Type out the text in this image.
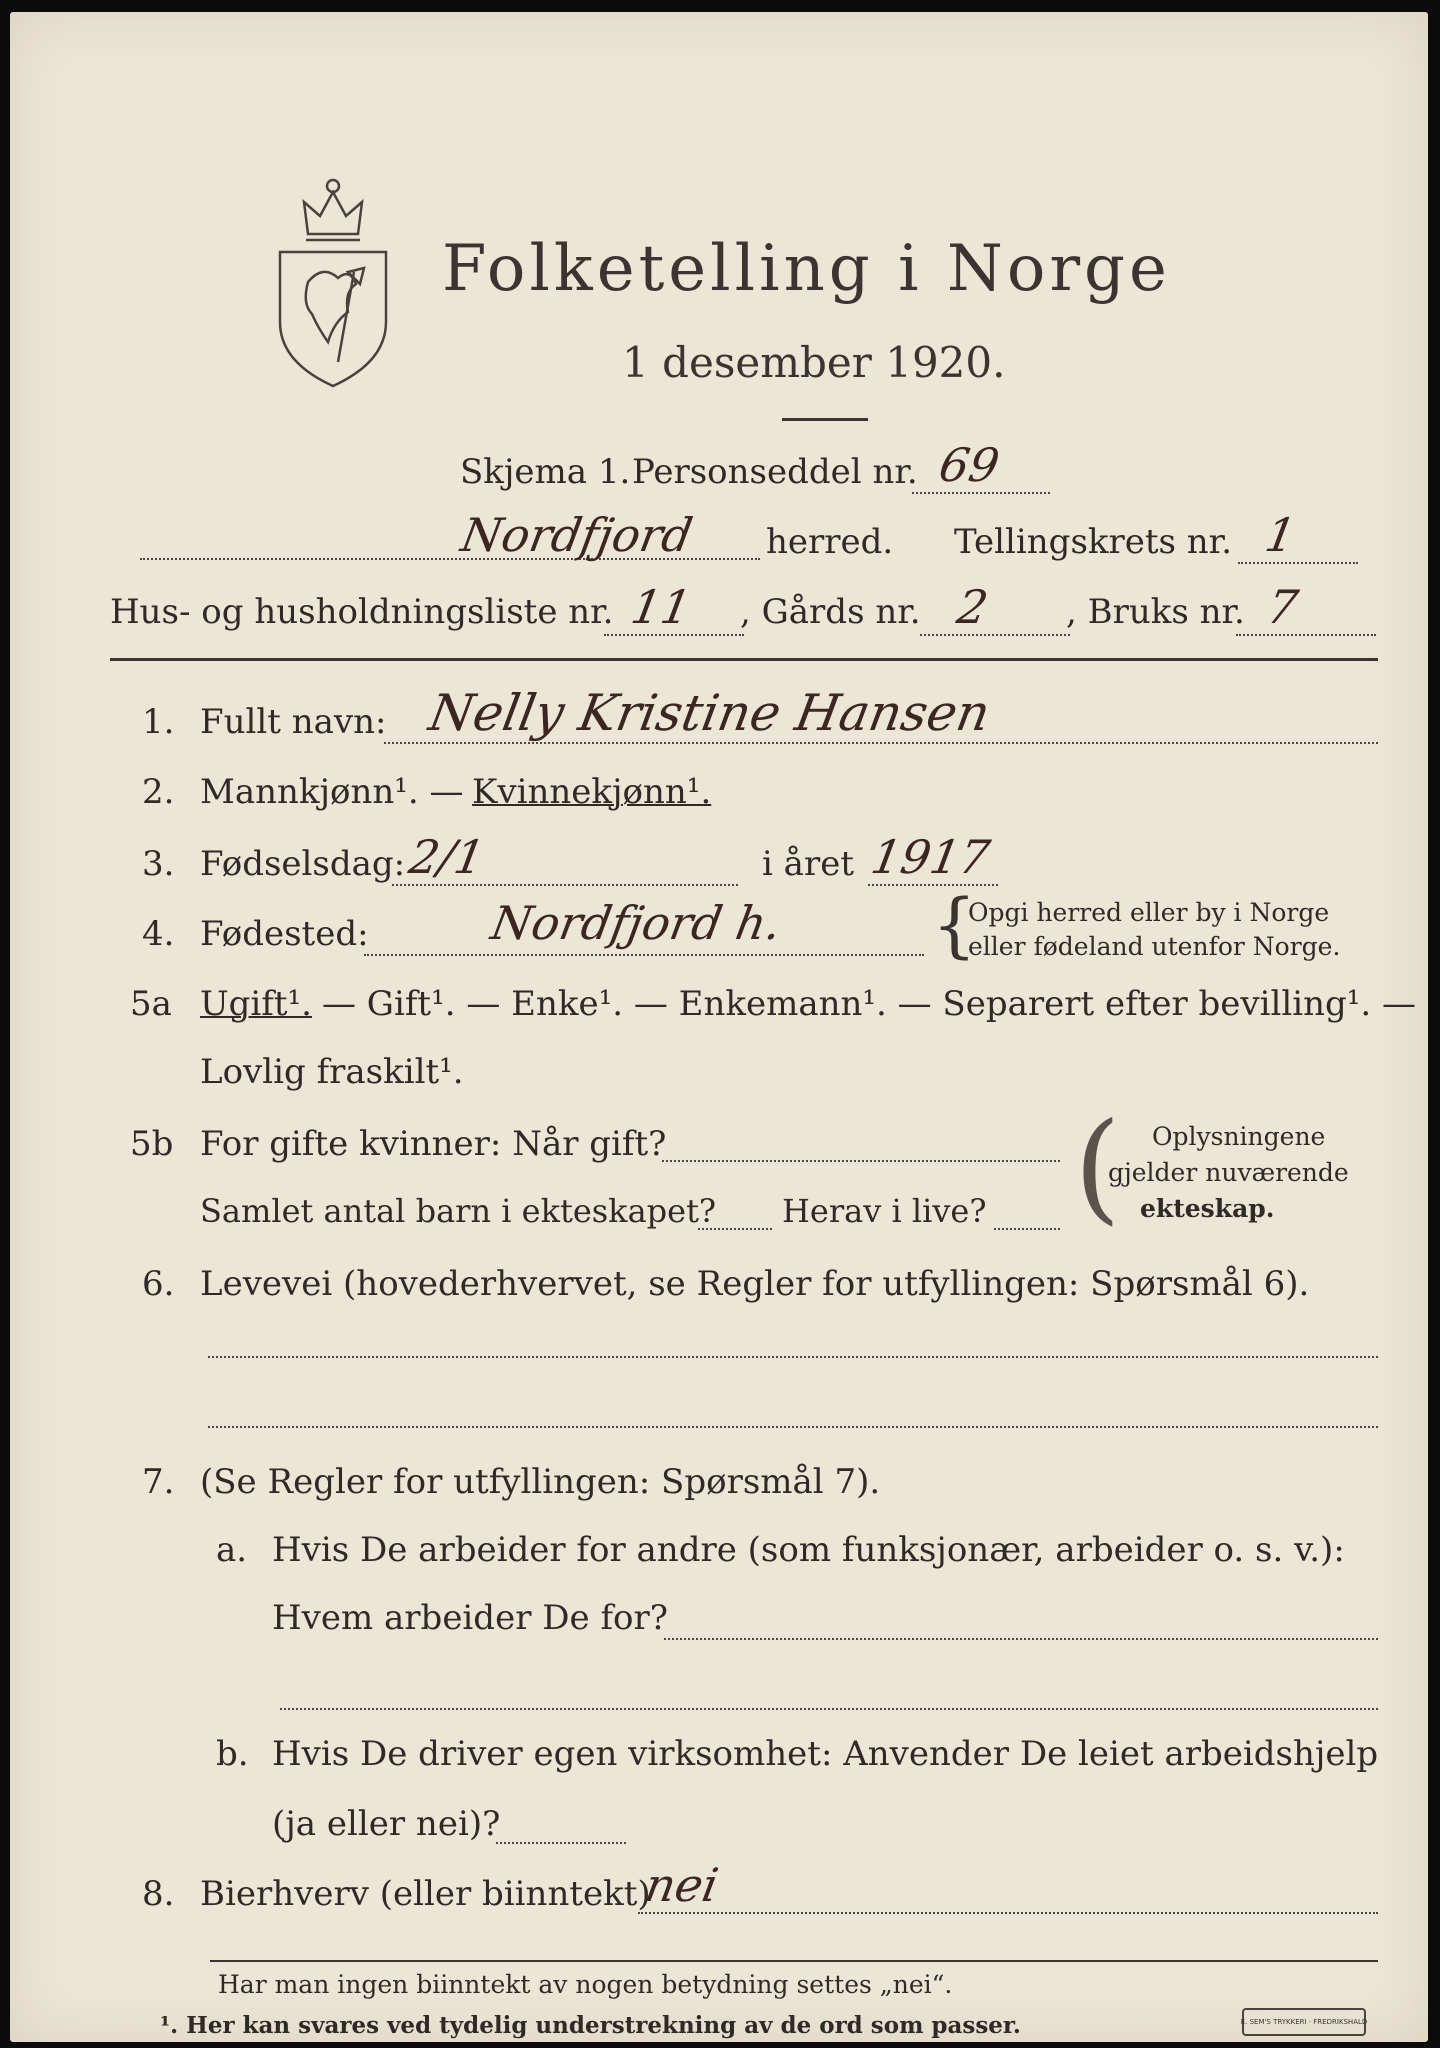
Folketelling i Norge
1 desember 1920.
Skjema 1. Personseddel nr. 69
Nordfjord herred. Tellingskrets nr. 1
Hus- og husholdningsliste nr. 11 , Gårds nr. 2 , Bruks nr. 7
1. Fullt navn: Nelly Kristine Hansen
2. Mannkjønn¹. — Kvinnekjønn¹.
3. Fødselsdag: 2/1	i året 1917
4. Fødested:	Nordfjord h. {
Opgi herred eller by i Norge
eller fødeland utenfor Norge.
5a Ugift¹. — Gift¹. — Enke¹. — Enkemann¹. — Separert efter bevilling¹. —
Lovlig fraskilt¹.
5b For gifte kvinner: Når gift?
Samlet antal barn i ekteskapet? Herav i live? ( Oplysningene
gjelder nuværende
ekteskap.
6. Levevei (hovederhvervet, se Regler for utfyllingen: Spørsmål 6).
7. (Se Regler for utfyllingen: Spørsmål 7).
a. Hvis De arbeider for andre (som funksjonær, arbeider o. s. v.):
Hvem arbeider De for?
b. Hvis De driver egen virksomhet: Anvender De leiet arbeidshjelp
(ja eller nei)?
8. Bierhverv (eller biinntekt)
nei
Har man ingen biinntekt av nogen betydning settes „nei“.
¹. Her kan svares ved tydelig understrekning av de ord som passer.	E. SEM'S TRYKKERI · FREDRIKSHALD
